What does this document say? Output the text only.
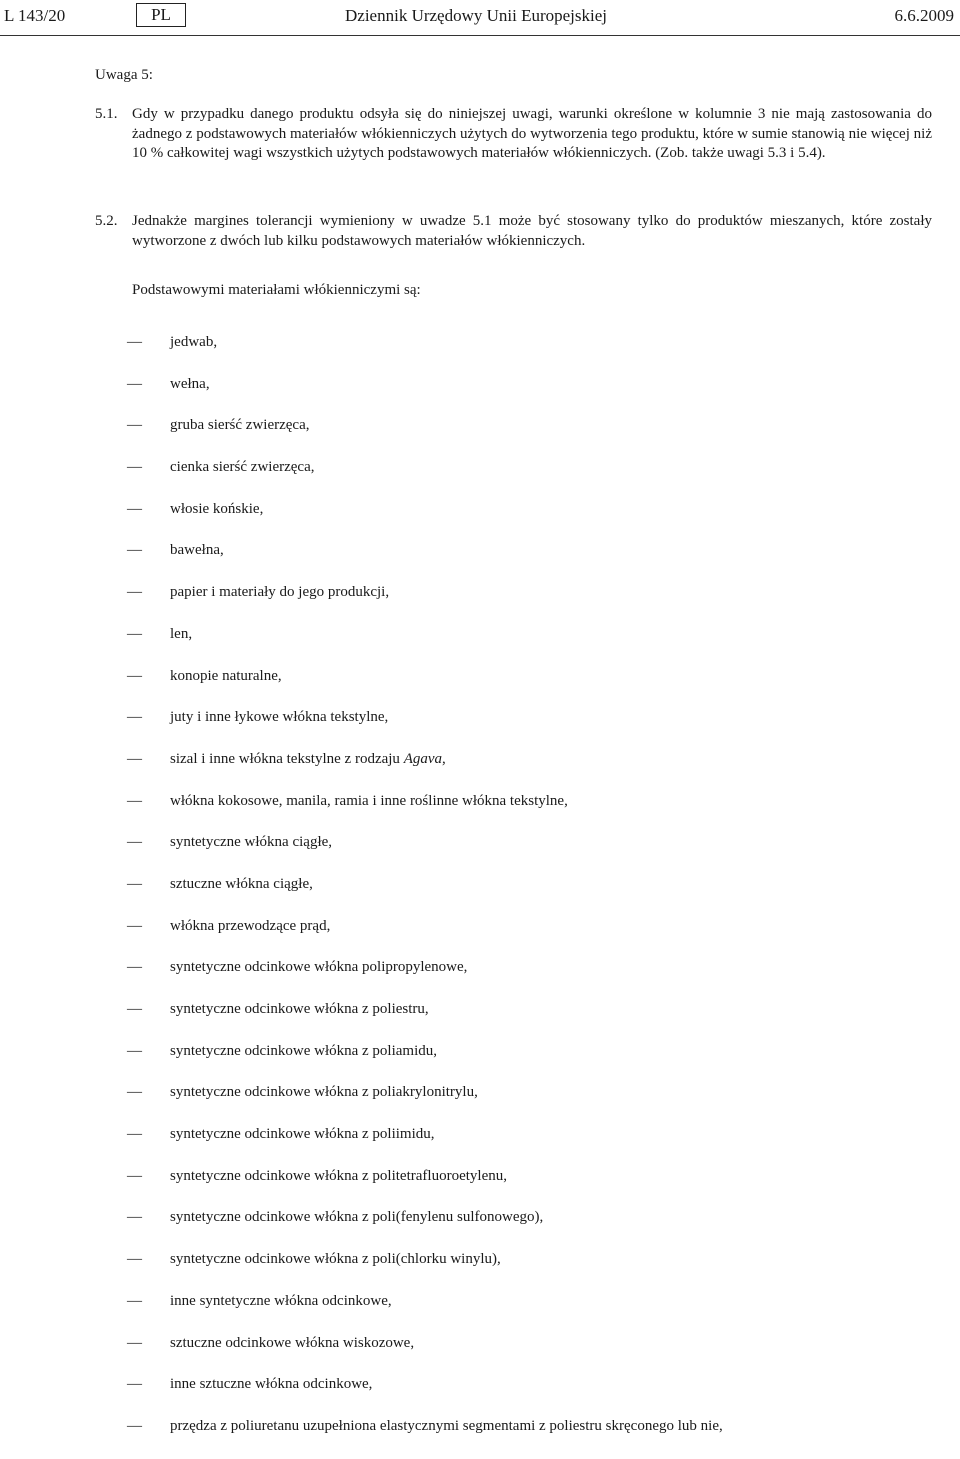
L 143/20	PL	Dziennik Urzędowy Unii Europejskiej	6.6.2009
Uwaga 5:
5.1. Gdy w przypadku danego produktu odsyła się do niniejszej uwagi, warunki określone w kolumnie 3 nie mają zastosowania do żadnego z podstawowych materiałów włókienniczych użytych do wytworzenia tego produktu, które w sumie stanowią nie więcej niż 10 % całkowitej wagi wszystkich użytych podstawowych materiałów włókienniczych. (Zob. także uwagi 5.3 i 5.4).
5.2. Jednakże margines tolerancji wymieniony w uwadze 5.1 może być stosowany tylko do produktów mieszanych, które zostały wytworzone z dwóch lub kilku podstawowych materiałów włókienniczych.
Podstawowymi materiałami włókienniczymi są:
— jedwab,
— wełna,
— gruba sierść zwierzęca,
— cienka sierść zwierzęca,
— włosie końskie,
— bawełna,
— papier i materiały do jego produkcji,
— len,
— konopie naturalne,
— juty i inne łykowe włókna tekstylne,
— sizal i inne włókna tekstylne z rodzaju Agava,
— włókna kokosowe, manila, ramia i inne roślinne włókna tekstylne,
— syntetyczne włókna ciągłe,
— sztuczne włókna ciągłe,
— włókna przewodzące prąd,
— syntetyczne odcinkowe włókna polipropylenowe,
— syntetyczne odcinkowe włókna z poliestru,
— syntetyczne odcinkowe włókna z poliamidu,
— syntetyczne odcinkowe włókna z poliakrylonitrylu,
— syntetyczne odcinkowe włókna z poliimidu,
— syntetyczne odcinkowe włókna z politetrafluoroetylenu,
— syntetyczne odcinkowe włókna z poli(fenylenu sulfonowego),
— syntetyczne odcinkowe włókna z poli(chlorku winylu),
— inne syntetyczne włókna odcinkowe,
— sztuczne odcinkowe włókna wiskozowe,
— inne sztuczne włókna odcinkowe,
— przędza z poliuretanu uzupełniona elastycznymi segmentami z poliestru skręconego lub nie,
